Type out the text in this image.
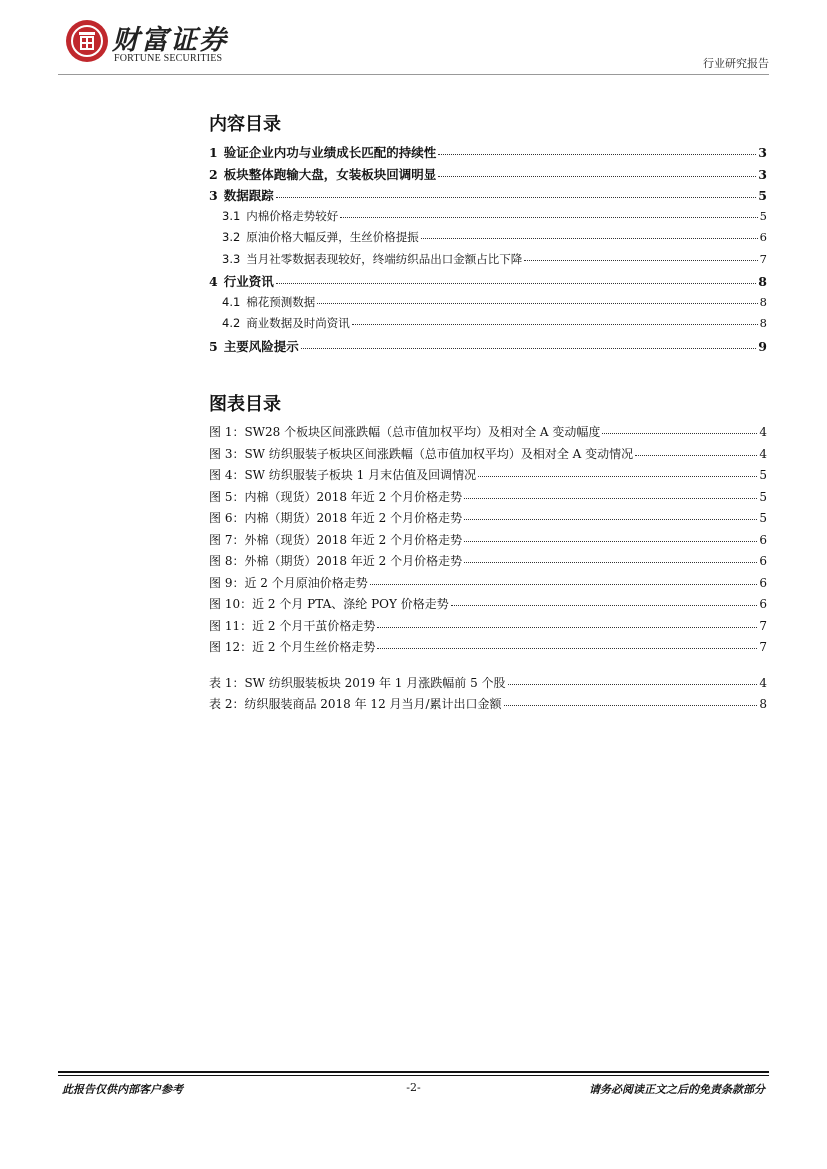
财富证券
FORTUNE SECURITIES	行业研究报告
内容目录
1 验证企业内功与业绩成长匹配的持续性	3
2 板块整体跑输大盘，女装板块回调明显	3
3 数据跟踪	5
3.1 内棉价格走势较好	5
3.2 原油价格大幅反弹，生丝价格提振	6
3.3 当月社零数据表现较好，终端纺织品出口金额占比下降	7
4 行业资讯	8
4.1 棉花预测数据	8
4.2 商业数据及时尚资讯	8
5 主要风险提示	9
图表目录
图 1：SW28 个板块区间涨跌幅（总市值加权平均）及相对全 A 变动幅度	4
图 3：SW 纺织服装子板块区间涨跌幅（总市值加权平均）及相对全 A 变动情况	4
图 4：SW 纺织服装子板块 1 月末估值及回调情况	5
图 5：内棉（现货）2018 年近 2 个月价格走势	5
图 6：内棉（期货）2018 年近 2 个月价格走势	5
图 7：外棉（现货）2018 年近 2 个月价格走势	6
图 8：外棉（期货）2018 年近 2 个月价格走势	6
图 9：近 2 个月原油价格走势	6
图 10：近 2 个月 PTA、涤纶 POY 价格走势	6
图 11：近 2 个月干茧价格走势	7
图 12：近 2 个月生丝价格走势	7
表 1：SW 纺织服装板块 2019 年 1 月涨跌幅前 5 个股	4
表 2：纺织服装商品 2018 年 12 月当月/累计出口金额	8
此报告仅供内部客户参考	-2-	请务必阅读正文之后的免责条款部分
